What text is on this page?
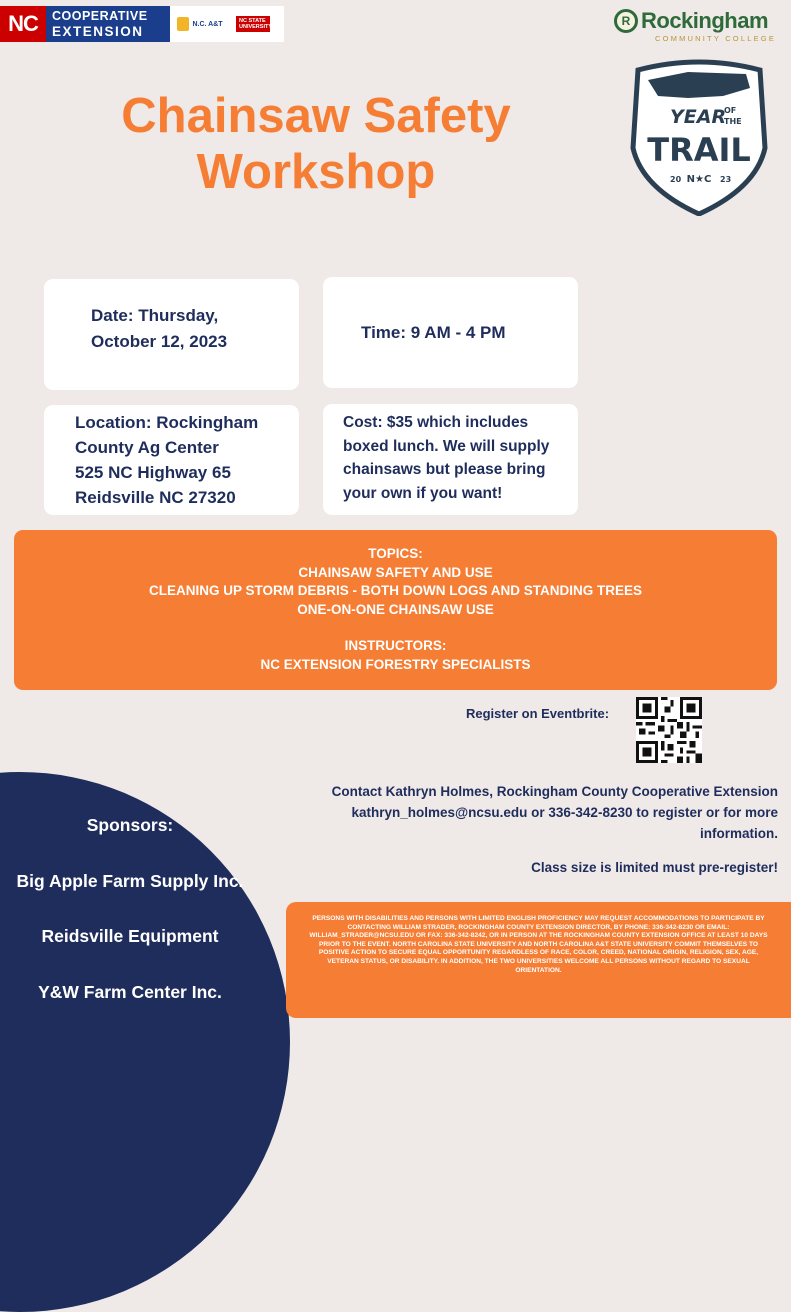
NC	COOPERATIVE
EXTENSION	N.C. A&T	NC STATE UNIVERSITY	R Rockingham
COMMUNITY COLLEGE
Chainsaw Safety
Workshop
YEAR
OF
THE
TRAIL
20 N★C 23
Date: Thursday,
October 12, 2023	Time: 9 AM - 4 PM
Location: Rockingham
County Ag Center
525 NC Highway 65
Reidsville NC 27320
Cost: $35 which includes
boxed lunch. We will supply
chainsaws but please bring
your own if you want!
TOPICS:
CHAINSAW SAFETY AND USE
CLEANING UP STORM DEBRIS - BOTH DOWN LOGS AND STANDING TREES
ONE-ON-ONE CHAINSAW USE
INSTRUCTORS:
NC EXTENSION FORESTRY SPECIALISTS
Register on Eventbrite:
Contact Kathryn Holmes, Rockingham County Cooperative Extension
kathryn_holmes@ncsu.edu or 336-342-8230 to register or for more
information.
Class size is limited must pre-register!
Sponsors:
Big Apple Farm Supply Inc.
Reidsville Equipment
Y&W Farm Center Inc.
PERSONS WITH DISABILITIES AND PERSONS WITH LIMITED ENGLISH PROFICIENCY MAY REQUEST ACCOMMODATIONS TO PARTICIPATE BY CONTACTING WILLIAM STRADER, ROCKINGHAM COUNTY EXTENSION DIRECTOR, BY PHONE: 336-342-8230 OR EMAIL: WILLIAM_STRADER@NCSU.EDU OR FAX: 336-342-8242, OR IN PERSON AT THE ROCKINGHAM COUNTY EXTENSION OFFICE AT LEAST 10 DAYS PRIOR TO THE EVENT. NORTH CAROLINA STATE UNIVERSITY AND NORTH CAROLINA A&T STATE UNIVERSITY COMMIT THEMSELVES TO POSITIVE ACTION TO SECURE EQUAL OPPORTUNITY REGARDLESS OF RACE, COLOR, CREED, NATIONAL ORIGIN, RELIGION, SEX, AGE, VETERAN STATUS, OR DISABILITY. IN ADDITION, THE TWO UNIVERSITIES WELCOME ALL PERSONS WITHOUT REGARD TO SEXUAL ORIENTATION.
